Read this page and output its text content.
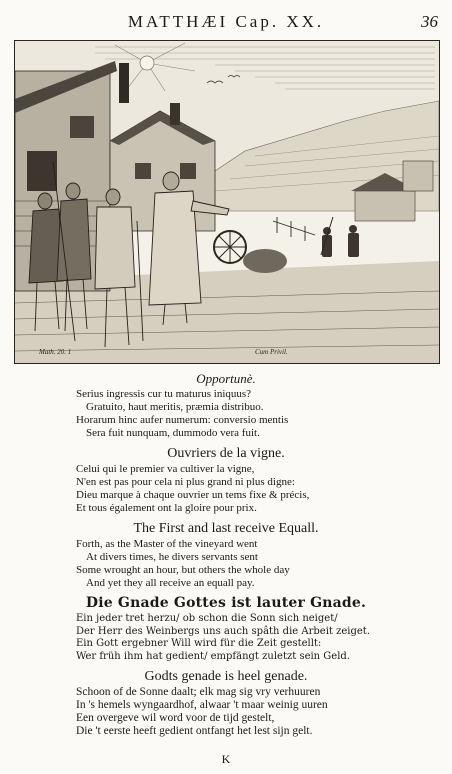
MATTHÆI Cap. XX.	36
Math. 20. 1	Cum Privil.
Opportunè.
Serius ingressis cur tu maturus iniquus?
Gratuito, haut meritis, præmia distribuo.
Horarum hinc aufer numerum: conversio mentis
Sera fuit nunquam, dummodo vera fuit.
Ouvriers de la vigne.
Celui qui le premier va cultiver la vigne,
N'en est pas pour cela ni plus grand ni plus digne:
Dieu marque à chaque ouvrier un tems fixe & précis,
Et tous également ont la gloire pour prix.
The First and last receive Equall.
Forth, as the Master of the vineyard went
At divers times, he divers servants sent
Some wrought an hour, but others the whole day
And yet they all receive an equall pay.
Die Gnade Gottes ist lauter Gnade.
Ein jeder tret herzu/ ob schon die Sonn sich neiget/
Der Herr des Weinbergs uns auch spâth die Arbeit zeiget.
Ein Gott ergebner Will wird für die Zeit gestellt:
Wer früh ihm hat gedient/ empfängt zuletzt sein Geld.
Godts genade is heel genade.
Schoon of de Sonne daalt; elk mag sig vry verhuuren
In 's hemels wyngaardhof, alwaar 't maar weinig uuren
Een overgeve wil word voor de tijd gestelt,
Die 't eerste heeft gedient ontfangt het lest sijn gelt.
K
